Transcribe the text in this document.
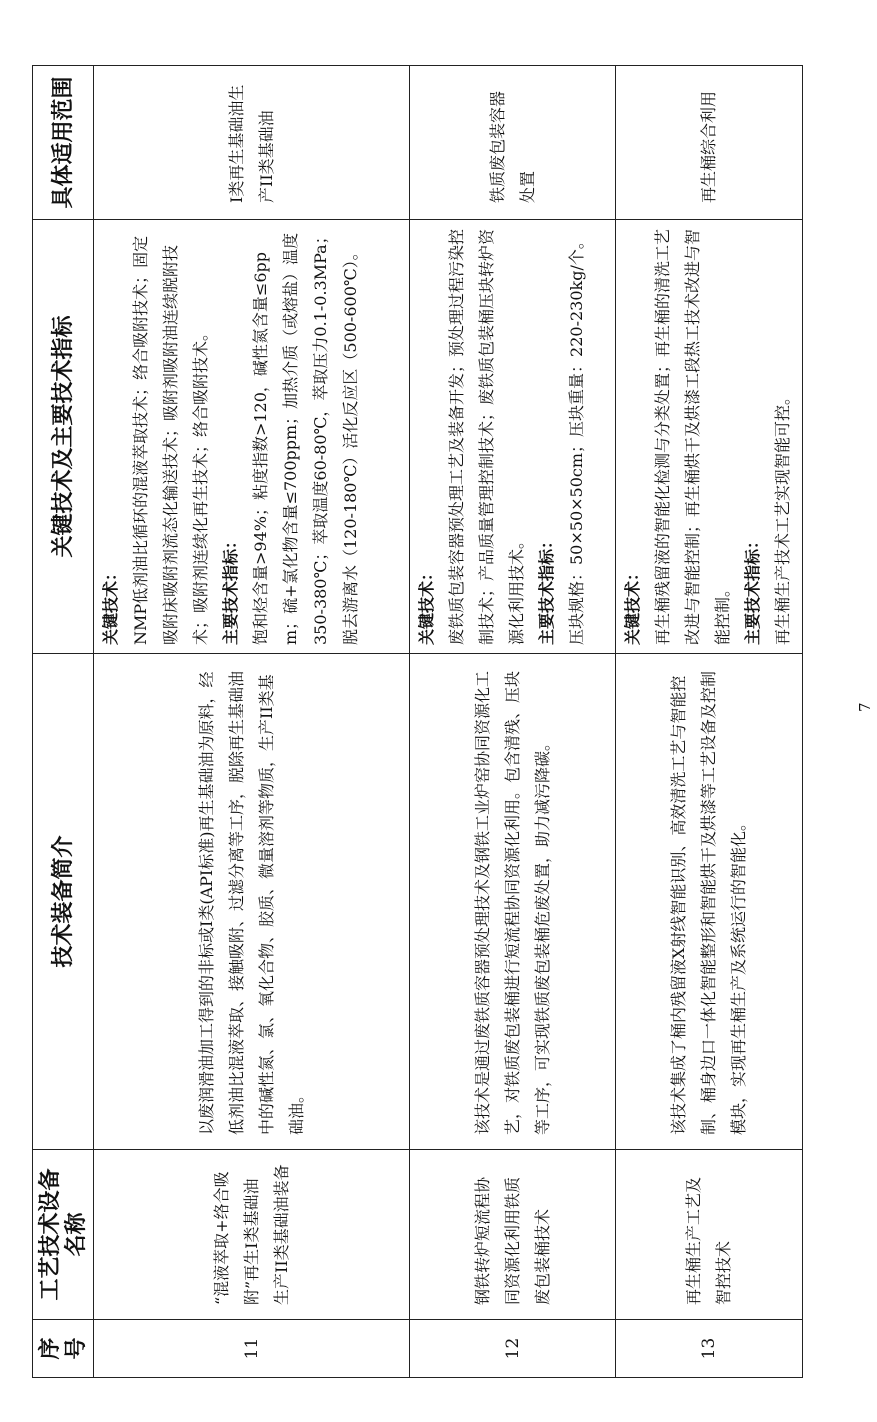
序号	工艺技术设备名称	技术装备简介	关键技术及主要技术指标	具体适用范围
11	“混液萃取+络合吸附”再生I类基础油生产II类基础油装备	以废润滑油加工得到的非标或I类(API标准)再生基础油为原料，经低剂油比混液萃取、接触吸附、过滤分离等工序，脱除再生基础油中的碱性氮、氯、氧化合物、胶质、微量溶剂等物质，生产II类基础油。	关键技术： NMP低剂油比循环的混液萃取技术；络合吸附技术；固定吸附床吸附剂流态化输送技术；吸附剂吸附油连续脱附技术；吸附剂连续化再生技术；络合吸附技术。 主要技术指标： 饱和烃含量>94%；粘度指数>120，碱性氮含量≤6ppm；硫+氯化物含量≤700ppm；加热介质（或熔盐）温度350-380℃；萃取温度60-80℃，萃取压力0.1-0.3MPa；脱去游离水（120-180℃）活化反应区（500-600℃）。	I类再生基础油生产II类基础油
12	钢铁转炉短流程协同资源化利用铁质废包装桶技术	该技术是通过废铁质容器预处理技术及钢铁工业炉窑协同资源化工艺，对铁质废包装桶进行短流程协同资源化利用。包含清残、压块等工序，可实现铁质废包装桶危废处置，助力减污降碳。	关键技术： 废铁质包装容器预处理工艺及装备开发；预处理过程污染控制技术；产品质量管理控制技术；废铁质包装桶压块转炉资源化利用技术。 主要技术指标： 压块规格：50×50×50cm；压块重量：220-230kg/个。	铁质废包装容器处置
13	再生桶生产工艺及智控技术	该技术集成了桶内残留液X射线智能识别、高效清洗工艺与智能控制、桶身边口一体化智能整形和智能烘干及烘漆等工艺设备及控制模块，实现再生桶生产及系统运行的智能化。	关键技术： 再生桶残留液的智能化检测与分类处置；再生桶的清洗工艺改进与智能控制；再生桶烘干及烘漆工段热工技术改进与智能控制。 主要技术指标： 再生桶生产技术工艺实现智能可控。	再生桶综合利用
7
